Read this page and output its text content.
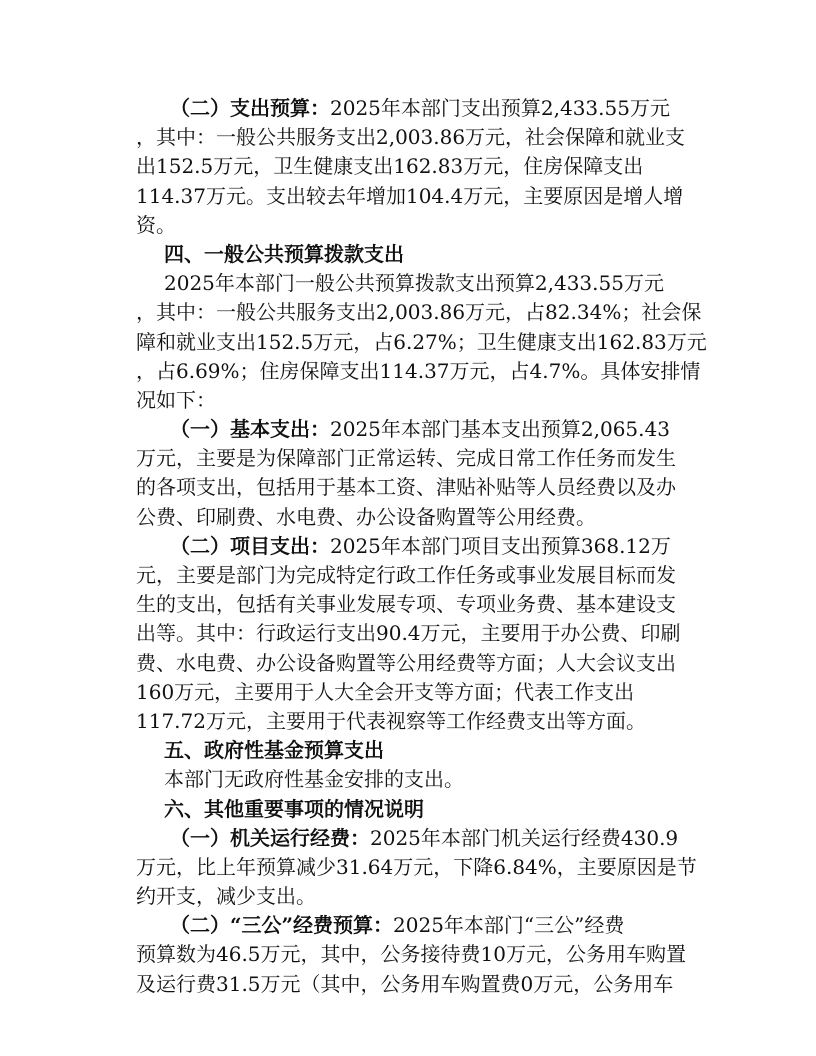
（二）支出预算：2025年本部门支出预算2,433.55万元
，其中：一般公共服务支出2,003.86万元，社会保障和就业支
出152.5万元，卫生健康支出162.83万元，住房保障支出
114.37万元。支出较去年增加104.4万元，主要原因是增人增
资。
四、一般公共预算拨款支出
2025年本部门一般公共预算拨款支出预算2,433.55万元
，其中：一般公共服务支出2,003.86万元，占82.34%；社会保
障和就业支出152.5万元，占6.27%；卫生健康支出162.83万元
，占6.69%；住房保障支出114.37万元，占4.7%。具体安排情
况如下：
（一）基本支出：2025年本部门基本支出预算2,065.43
万元，主要是为保障部门正常运转、完成日常工作任务而发生
的各项支出，包括用于基本工资、津贴补贴等人员经费以及办
公费、印刷费、水电费、办公设备购置等公用经费。
（二）项目支出：2025年本部门项目支出预算368.12万
元，主要是部门为完成特定行政工作任务或事业发展目标而发
生的支出，包括有关事业发展专项、专项业务费、基本建设支
出等。其中：行政运行支出90.4万元，主要用于办公费、印刷
费、水电费、办公设备购置等公用经费等方面；人大会议支出
160万元，主要用于人大全会开支等方面；代表工作支出
117.72万元，主要用于代表视察等工作经费支出等方面。
五、政府性基金预算支出
本部门无政府性基金安排的支出。
六、其他重要事项的情况说明
（一）机关运行经费：2025年本部门机关运行经费430.9
万元，比上年预算减少31.64万元，下降6.84%，主要原因是节
约开支，减少支出。
（二）“三公”经费预算：2025年本部门“三公”经费
预算数为46.5万元，其中，公务接待费10万元，公务用车购置
及运行费31.5万元（其中，公务用车购置费0万元，公务用车
